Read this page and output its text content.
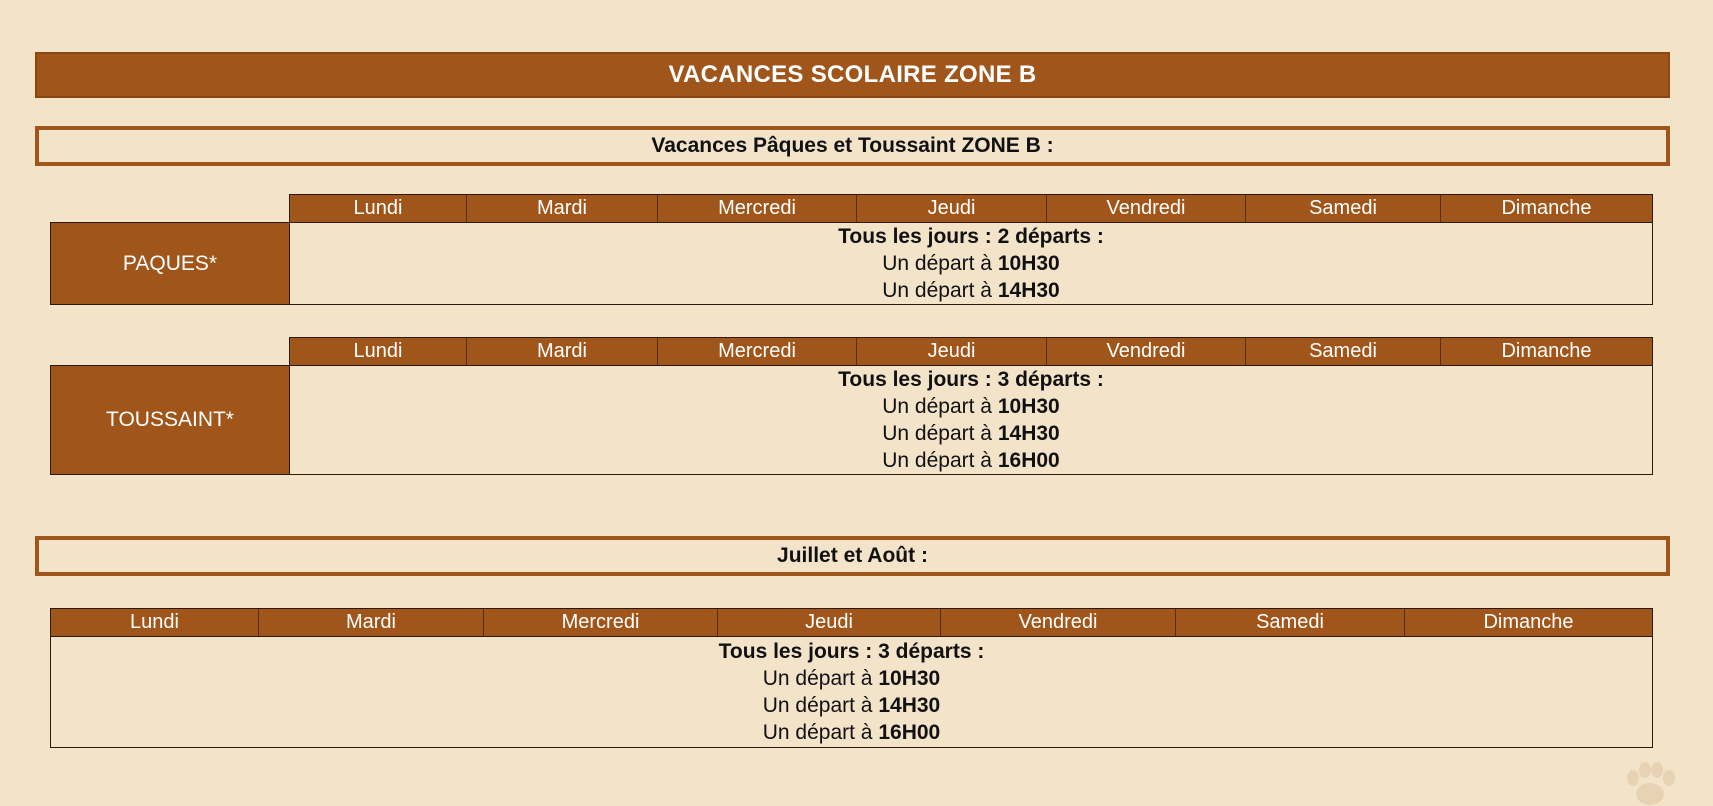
VACANCES SCOLAIRE ZONE B
Vacances Pâques et Toussaint ZONE B :
Lundi	Mardi	Mercredi	Jeudi	Vendredi	Samedi	Dimanche
PAQUES*
Tous les jours : 2 départs :
Un départ à 10H30
Un départ à 14H30
Lundi	Mardi	Mercredi	Jeudi	Vendredi	Samedi	Dimanche
TOUSSAINT*
Tous les jours : 3 départs :
Un départ à 10H30
Un départ à 14H30
Un départ à 16H00
Juillet et Août :
Lundi	Mardi	Mercredi	Jeudi	Vendredi	Samedi	Dimanche
Tous les jours : 3 départs :
Un départ à 10H30
Un départ à 14H30
Un départ à 16H00
